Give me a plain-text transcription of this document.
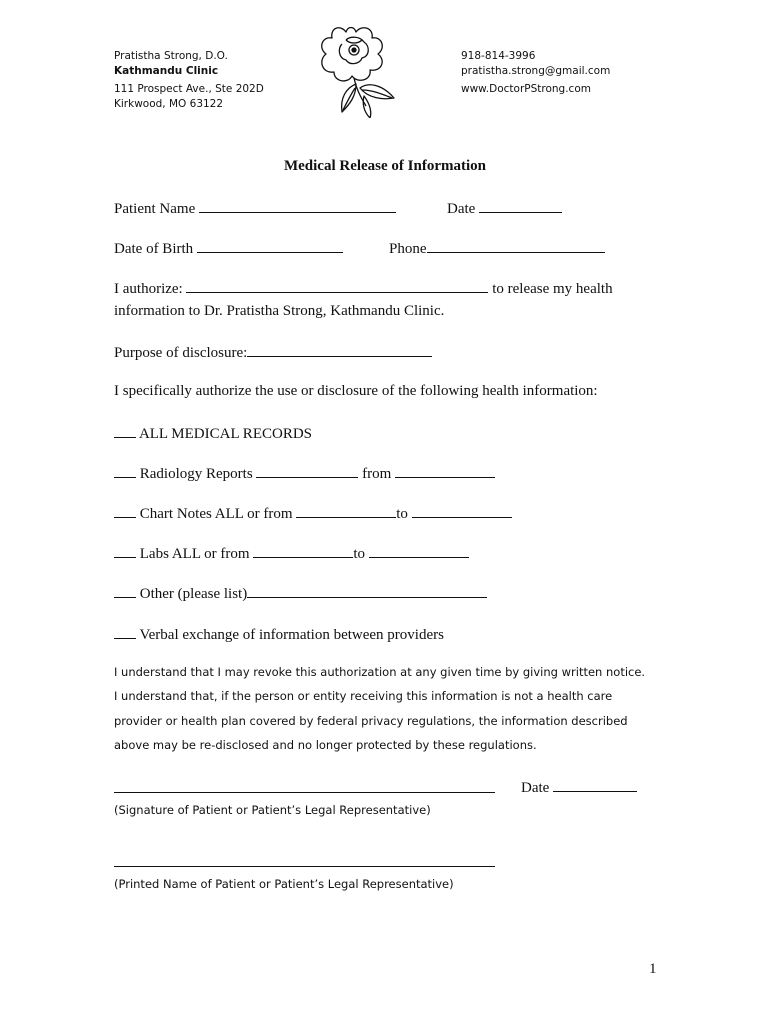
Pratistha Strong, D.O.
Kathmandu Clinic
111 Prospect Ave., Ste 202D
Kirkwood, MO 63122
918-814-3996
pratistha.strong@gmail.com
www.DoctorPStrong.com
Medical Release of Information
Patient Name	Date
Date of Birth	Phone
I authorize:	to release my health
information to Dr. Pratistha Strong, Kathmandu Clinic.
Purpose of disclosure:
I specifically authorize the use or disclosure of the following health information:
ALL MEDICAL RECORDS
Radiology Reports	from
Chart Notes ALL or from	to
Labs ALL or from	to
Other (please list)
Verbal exchange of information between providers
I understand that I may revoke this authorization at any given time by giving written notice.
I understand that, if the person or entity receiving this information is not a health care
provider or health plan covered by federal privacy regulations, the information described
above may be re-disclosed and no longer protected by these regulations.
Date
(Signature of Patient or Patient’s Legal Representative)
(Printed Name of Patient or Patient’s Legal Representative)
1
